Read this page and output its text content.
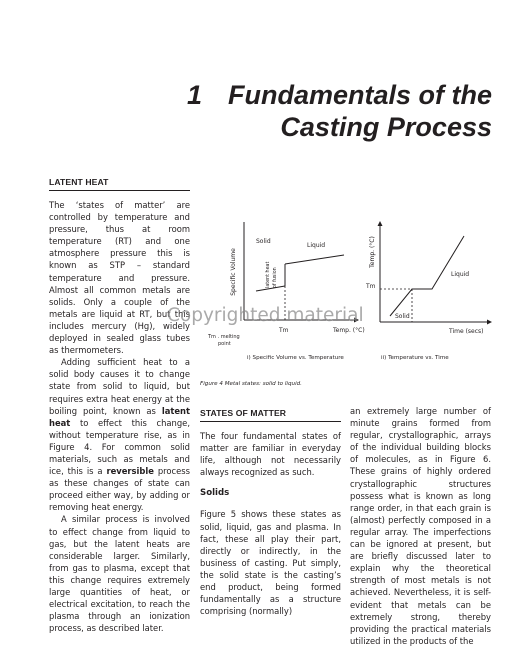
1 Fundamentals of the
Casting Process
LATENT HEAT

The ‘states of matter’ are controlled by temperature and pressure, thus at room temperature (RT) and one atmosphere pressure this is known as STP – standard temperature and pressure. Almost all common metals are solids. Only a couple of the metals are liquid at RT, but this includes mercury (Hg), widely deployed in sealed glass tubes as thermometers.

Adding sufficient heat to a solid body causes it to change state from solid to liquid, but requires extra heat energy at the boiling point, known as latent heat to effect this change, without temperature rise, as in Figure 4. For common solid materials, such as metals and ice, this is a reversible process as these changes of state can proceed either way, by adding or removing heat energy.

A similar process is involved to effect change from liquid to gas, but the latent heats are considerable larger. Similarly, from gas to plasma, except that this change requires extremely large quantities of heat, or electrical excitation, to reach the plasma through an ionization process, as described later.

Specific Volume
Solid
Liquid
latent heat of fusion
Tm	Temp. (°C)
Tm . melting
point
i) Specific Volume vs. Temperature
Temp. (°C)
Tm
Liquid
Solid
Time (secs)
ii) Temperature vs. Time
Figure 4 Metal states: solid to liquid.
Copyrighted material
STATES OF MATTER

The four fundamental states of matter are familiar in everyday life, although not necessarily always recognized as such.

Solids

Figure 5 shows these states as solid, liquid, gas and plasma. In fact, these all play their part, directly or indirectly, in the business of casting. Put simply, the solid state is the casting’s end product, being formed fundamentally as a structure comprising (normally)

an extremely large number of minute grains formed from regular, crystallographic, arrays of the individual building blocks of molecules, as in Figure 6. These grains of highly ordered crystallographic structures possess what is known as long range order, in that each grain is (almost) perfectly composed in a regular array. The imperfections can be ignored at present, but are briefly discussed later to explain why the theoretical strength of most metals is not achieved. Nevertheless, it is self-evident that metals can be extremely strong, thereby providing the practical materials utilized in the products of the
